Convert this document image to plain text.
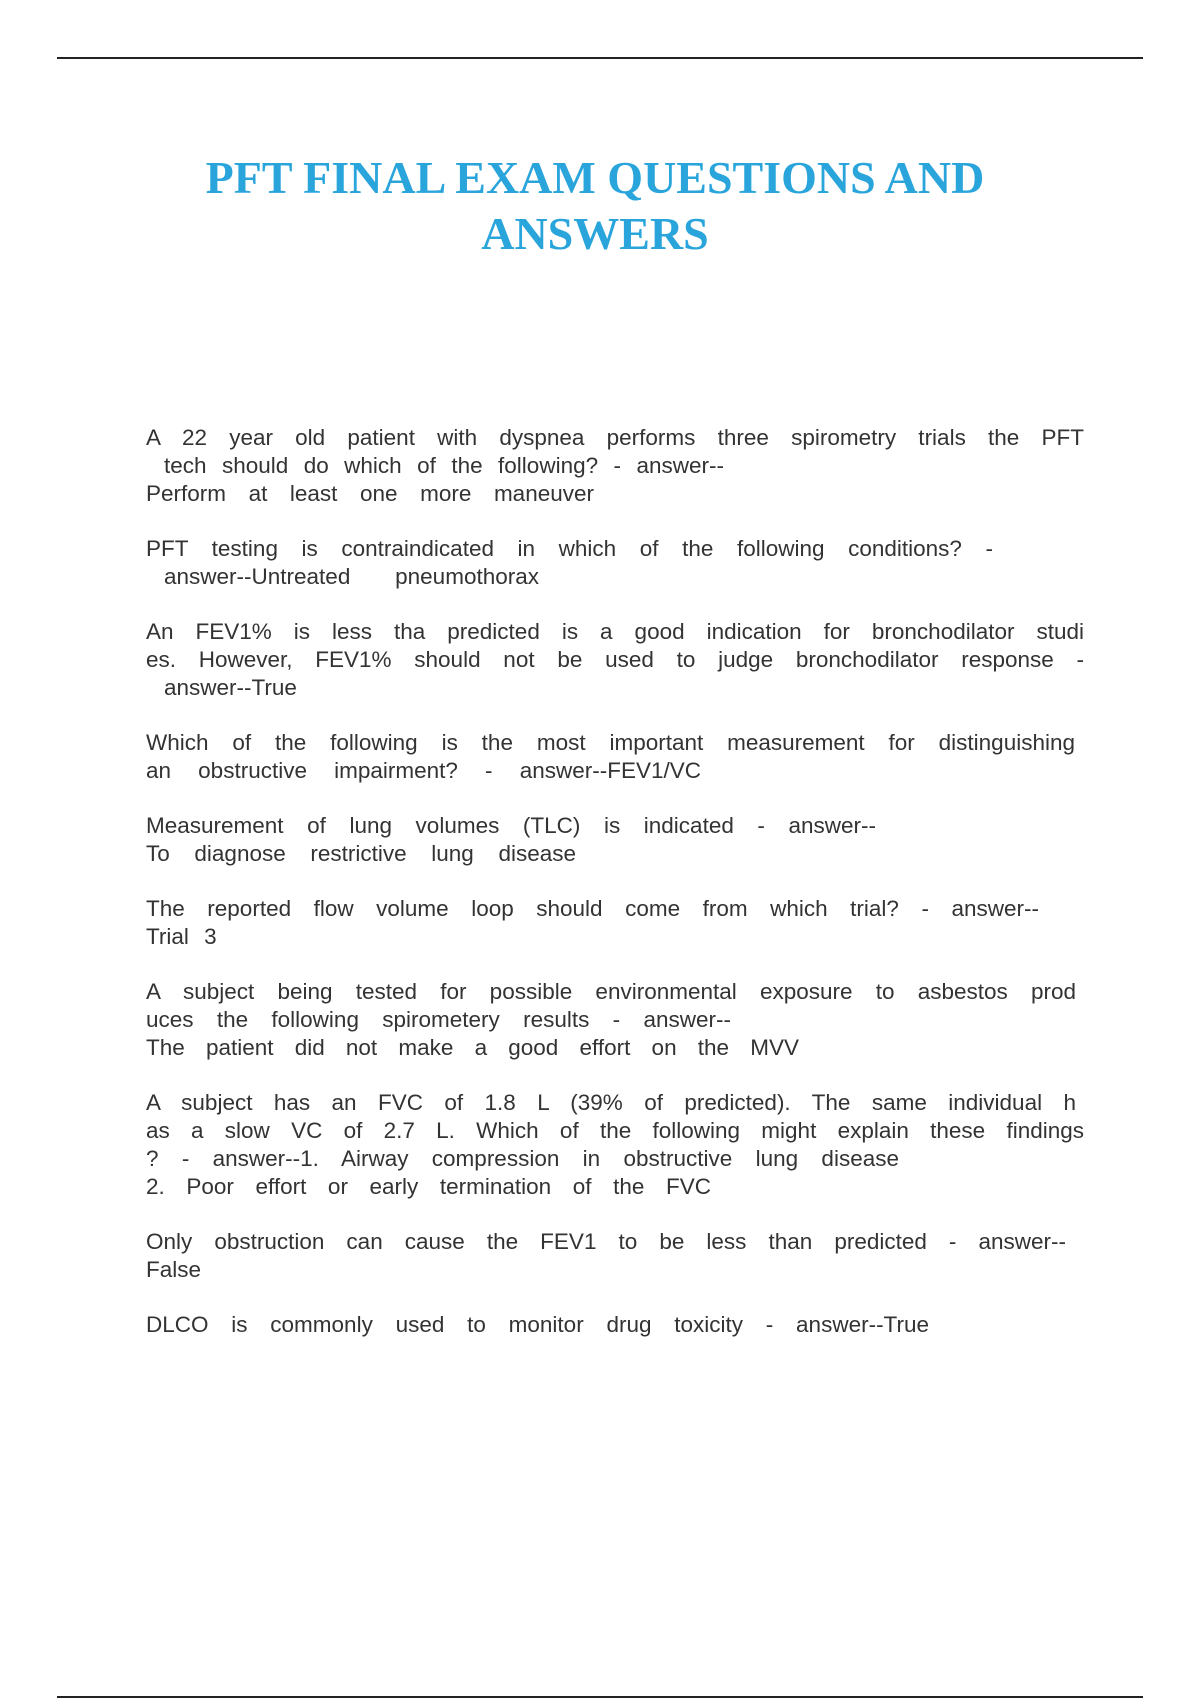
PFT FINAL EXAM QUESTIONS AND
ANSWERS
A 22 year old patient with dyspnea performs three spirometry trials the PFT
tech should do which of the following? - answer--
Perform at least one more maneuver
PFT testing is contraindicated in which of the following conditions? -
answer--Untreated pneumothorax
An FEV1% is less tha predicted is a good indication for bronchodilator studi
es. However, FEV1% should not be used to judge bronchodilator response -
answer--True
Which of the following is the most important measurement for distinguishing
an obstructive impairment? - answer--FEV1/VC
Measurement of lung volumes (TLC) is indicated - answer--
To diagnose restrictive lung disease
The reported flow volume loop should come from which trial? - answer--
Trial 3
A subject being tested for possible environmental exposure to asbestos prod
uces the following spirometery results - answer--
The patient did not make a good effort on the MVV
A subject has an FVC of 1.8 L (39% of predicted). The same individual h
as a slow VC of 2.7 L. Which of the following might explain these findings
? - answer--1. Airway compression in obstructive lung disease
2. Poor effort or early termination of the FVC
Only obstruction can cause the FEV1 to be less than predicted - answer--
False
DLCO is commonly used to monitor drug toxicity - answer--True
